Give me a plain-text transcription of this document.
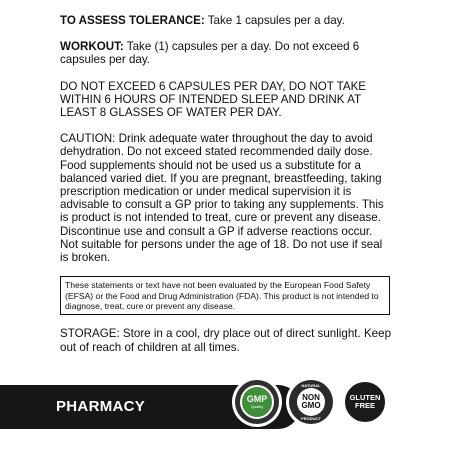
TO ASSESS TOLERANCE: Take 1 capsules per a day.

WORKOUT: Take (1) capsules per a day. Do not exceed 6 capsules per day.

DO NOT EXCEED 6 CAPSULES PER DAY, DO NOT TAKE WITHIN 6 HOURS OF INTENDED SLEEP AND DRINK AT LEAST 8 GLASSES OF WATER PER DAY.

CAUTION: Drink adequate water throughout the day to avoid dehydration. Do not exceed stated recommended daily dose. Food supplements should not be used us a substitute for a balanced varied diet. If you are pregnant, breastfeeding, taking prescription medication or under medical supervision it is advisable to consult a GP prior to taking any supplements. This is product is not intended to treat, cure or prevent any disease. Discontinue use and consult a GP if adverse reactions occur. Not suitable for persons under the age of 18. Do not use if seal is broken.

These statements or text have not been evaluated by the European Food Safety (EFSA) or the Food and Drug Administration (FDA). This product is not intended to diagnose, treat, cure or prevent any disease.

STORAGE: Store in a cool, dry place out of direct sunlight. Keep out of reach of children at all times.

PHARMACY	GMP
Quality
NATURAL
NON
GMO
PRODUCT
GLUTEN
FREE
